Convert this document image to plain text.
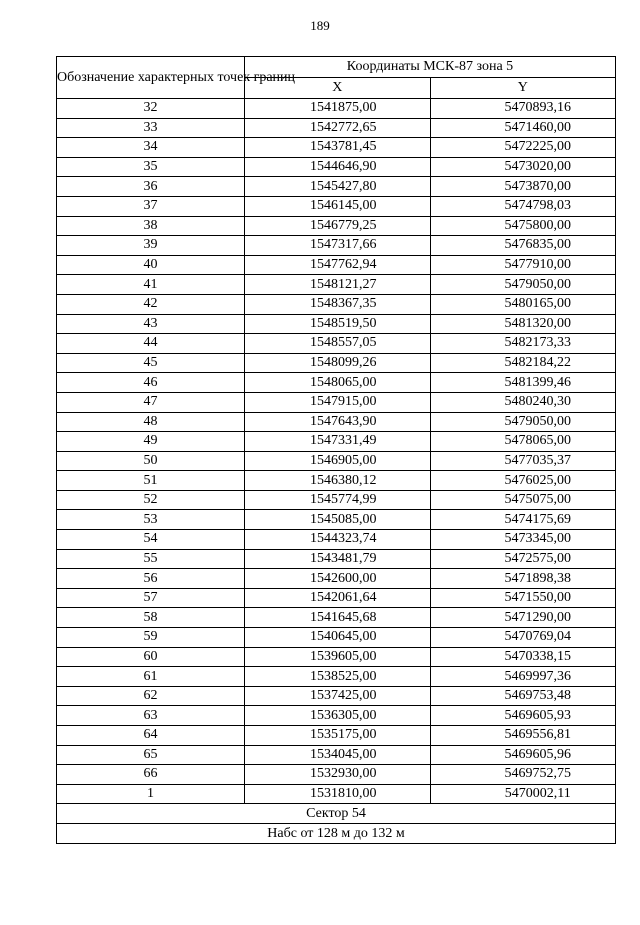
189
Обозначение характерных точек границ	Координаты МСК-87 зона 5	
	X	Y
32	1541875,00	5470893,16
33	1542772,65	5471460,00
34	1543781,45	5472225,00
35	1544646,90	5473020,00
36	1545427,80	5473870,00
37	1546145,00	5474798,03
38	1546779,25	5475800,00
39	1547317,66	5476835,00
40	1547762,94	5477910,00
41	1548121,27	5479050,00
42	1548367,35	5480165,00
43	1548519,50	5481320,00
44	1548557,05	5482173,33
45	1548099,26	5482184,22
46	1548065,00	5481399,46
47	1547915,00	5480240,30
48	1547643,90	5479050,00
49	1547331,49	5478065,00
50	1546905,00	5477035,37
51	1546380,12	5476025,00
52	1545774,99	5475075,00
53	1545085,00	5474175,69
54	1544323,74	5473345,00
55	1543481,79	5472575,00
56	1542600,00	5471898,38
57	1542061,64	5471550,00
58	1541645,68	5471290,00
59	1540645,00	5470769,04
60	1539605,00	5470338,15
61	1538525,00	5469997,36
62	1537425,00	5469753,48
63	1536305,00	5469605,93
64	1535175,00	5469556,81
65	1534045,00	5469605,96
66	1532930,00	5469752,75
1	1531810,00	5470002,11
Сектор 54		
Набс от 128 м до 132 м		
